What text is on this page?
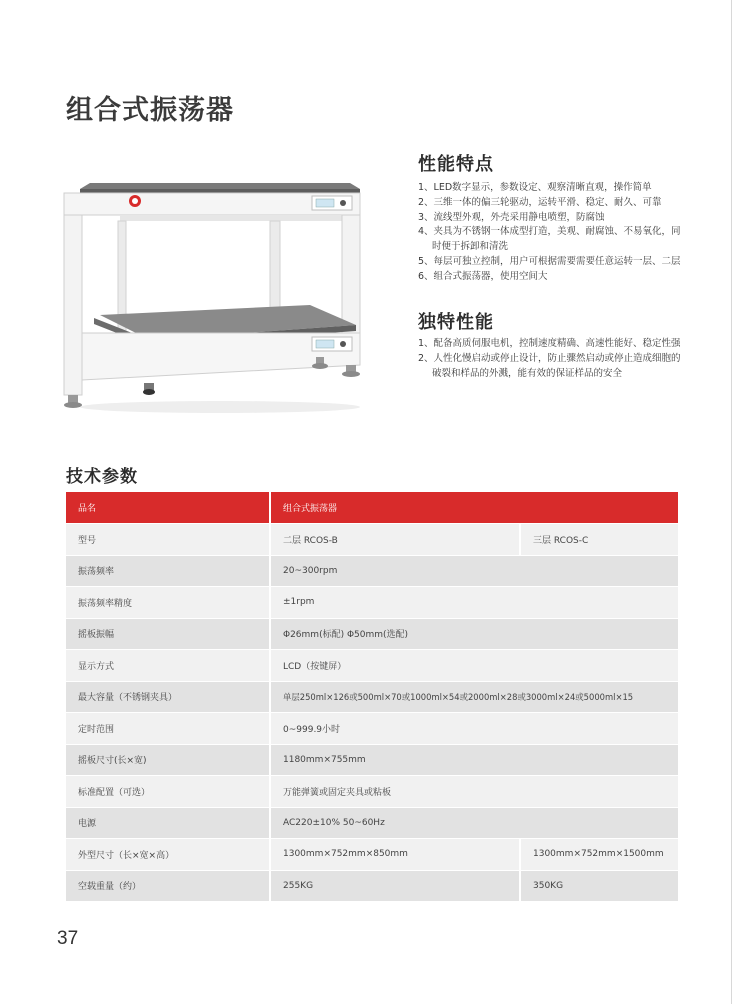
组合式振荡器
性能特点
1、LED数字显示，参数设定、观察清晰直观，操作简单
2、三维一体的偏三轮驱动，运转平滑、稳定、耐久、可靠
3、流线型外观，外壳采用静电喷塑，防腐蚀
4、夹具为不锈钢一体成型打造，美观、耐腐蚀、不易氧化，同
时便于拆卸和清洗
5、每层可独立控制，用户可根据需要需要任意运转一层、二层
6、组合式振荡器，使用空间大
独特性能
1、配备高质伺服电机，控制速度精确、高速性能好、稳定性强
2、人性化慢启动或停止设计，防止骤然启动或停止造成细胞的
破裂和样品的外溅，能有效的保证样品的安全
技术参数
品名	组合式振荡器	
型号	二层 RCOS-B	三层 RCOS-C
振荡频率	20~300rpm	
振荡频率精度	±1rpm	
摇板振幅	Φ26mm(标配) Φ50mm(选配)	
显示方式	LCD（按键屏）	
最大容量（不锈钢夹具）	单层250ml×126或500ml×70或1000ml×54或2000ml×28或3000ml×24或5000ml×15	
定时范围	0~999.9小时	
摇板尺寸(长×宽)	1180mm×755mm	
标准配置（可选）	万能弹簧或固定夹具或粘板	
电源	AC220±10% 50~60Hz	
外型尺寸（长×宽×高）	1300mm×752mm×850mm	1300mm×752mm×1500mm
空载重量（约）	255KG	350KG
37
